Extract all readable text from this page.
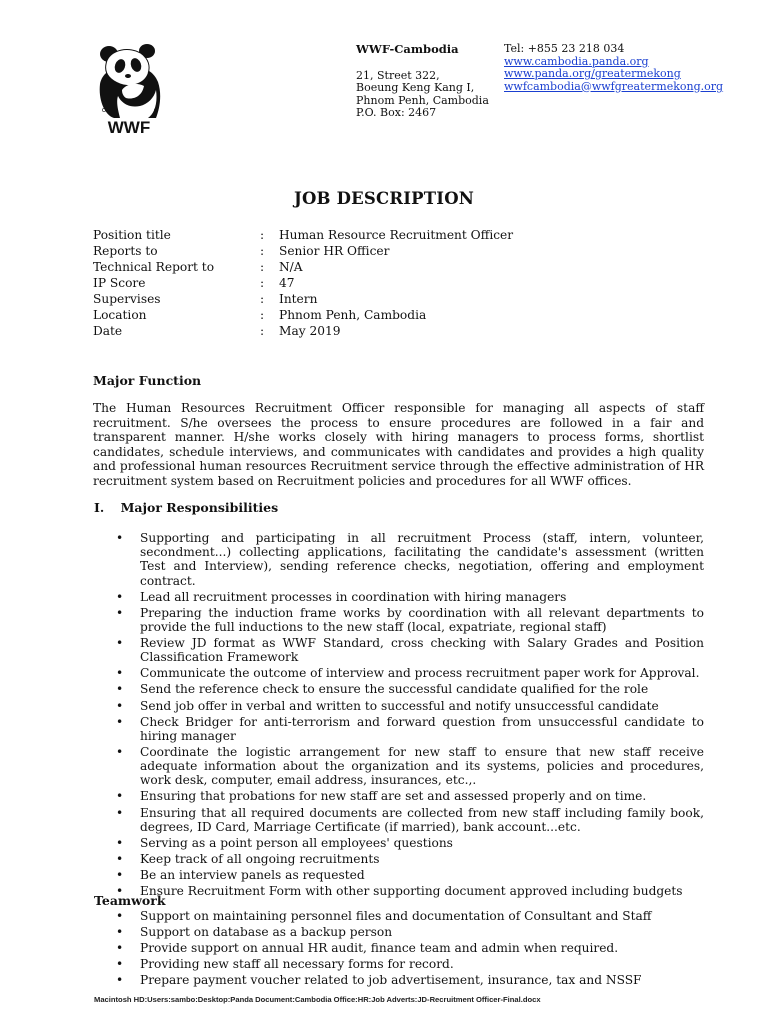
WWF
WWF-Cambodia
21, Street 322,
Boeung Keng Kang I,
Phnom Penh, Cambodia
P.O. Box: 2467
Tel: +855 23 218 034
www.cambodia.panda.org
www.panda.org/greatermekong
wwfcambodia@wwfgreatermekong.org
JOB DESCRIPTION
Position title	: Human Resource Recruitment Officer
Reports to	: Senior HR Officer
Technical Report to	: N/A
IP Score	: 47
Supervises	: Intern
Location	: Phnom Penh, Cambodia
Date	: May 2019
Major Function
The Human Resources Recruitment Officer responsible for managing all aspects of staff recruitment. S/he oversees the process to ensure procedures are followed in a fair and transparent manner. H/she works closely with hiring managers to process forms, shortlist candidates, schedule interviews, and communicates with candidates and provides a high quality and professional human resources Recruitment service through the effective administration of HR recruitment system based on Recruitment policies and procedures for all WWF offices.
I. Major Responsibilities
• Supporting and participating in all recruitment Process (staff, intern, volunteer, secondment...) collecting applications, facilitating the candidate's assessment (written Test and Interview), sending reference checks, negotiation, offering and employment contract.
• Lead all recruitment processes in coordination with hiring managers
• Preparing the induction frame works by coordination with all relevant departments to provide the full inductions to the new staff (local, expatriate, regional staff)
• Review JD format as WWF Standard, cross checking with Salary Grades and Position Classification Framework
• Communicate the outcome of interview and process recruitment paper work for Approval.
• Send the reference check to ensure the successful candidate qualified for the role
• Send job offer in verbal and written to successful and notify unsuccessful candidate
• Check Bridger for anti-terrorism and forward question from unsuccessful candidate to hiring manager
• Coordinate the logistic arrangement for new staff to ensure that new staff receive adequate information about the organization and its systems, policies and procedures, work desk, computer, email address, insurances, etc.,.
• Ensuring that probations for new staff are set and assessed properly and on time.
• Ensuring that all required documents are collected from new staff including family book, degrees, ID Card, Marriage Certificate (if married), bank account...etc.
• Serving as a point person all employees' questions
• Keep track of all ongoing recruitments
• Be an interview panels as requested
• Ensure Recruitment Form with other supporting document approved including budgets
Teamwork
• Support on maintaining personnel files and documentation of Consultant and Staff
• Support on database as a backup person
• Provide support on annual HR audit, finance team and admin when required.
• Providing new staff all necessary forms for record.
• Prepare payment voucher related to job advertisement, insurance, tax and NSSF
Macintosh HD:Users:sambo:Desktop:Panda Document:Cambodia Office:HR:Job Adverts:JD-Recruitment Officer-Final.docx
